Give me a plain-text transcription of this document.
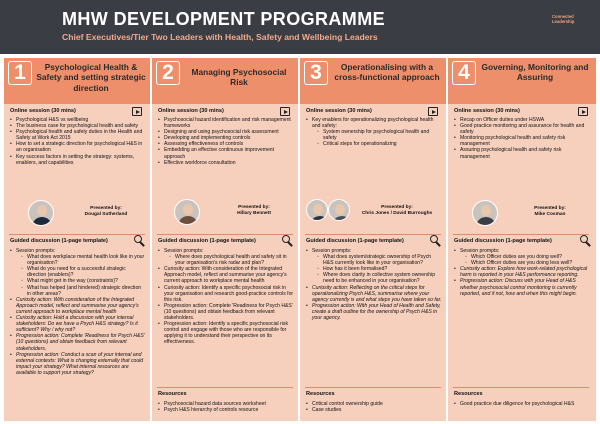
MHW DEVELOPMENT PROGRAMME
Chief Executives/Tier Two Leaders with Health, Safety and Wellbeing Leaders
Connected Leadership
1	Psychological Health & Safety and setting strategic direction
Online session (30 mins)
• Psychological H&S vs wellbeing
• The business case for psychological health and safety
• Psychological health and safety duties in the Health and Safety at Work Act 2015
• How to set a strategic direction for psychological H&S in an organisation
• Key success factors in setting the strategy: systems, enablers, and capabilities
Presented by:
Dougal Sutherland
Guided discussion (1-page template)
• Session prompts:
◦ What does workplace mental health look like in your organisation?
◦ What do you need for a successful strategic direction (enablers)?
◦ What might get in the way (constraints)?
◦ What has helped (and hindered) strategic direction in other areas?
• Curiosity action: With consideration of the Integrated Approach model, reflect and summarise your agency's current approach to workplace mental health
• Curiosity action: Hold a discussion with your internal stakeholders: Do we have a Psych H&S strategy? Is it sufficient? Why / why not?
• Progression action: Complete 'Readiness for Psych H&S' (10 questions) and obtain feedback from relevant stakeholders.
• Progression action: Conduct a scan of your internal and external contexts: What is changing externally that could impact your strategy? What internal resources are available to support your strategy?
2	Managing Psychosocial Risk
Online session (30 mins)
• Psychosocial hazard identification and risk management frameworks
• Designing and using psychosocial risk assessment
• Developing and implementing controls
• Assessing effectiveness of controls
• Embedding an effective continuous improvement approach
• Effective workforce consultation
Presented by:
Hillary Bennett
Guided discussion (1-page template)
• Session prompts:
◦ Where does psychological health and safety sit in your organisation's risk radar and plan?
• Curiosity action: With consideration of the Integrated Approach model, reflect and summarise your agency's current approach to workplace mental health
• Curiosity action: Identify a specific psychosocial risk in your organisation and research good-practice controls for this risk.
• Progression action: Complete 'Readiness for Psych H&S' (10 questions) and obtain feedback from relevant stakeholders.
• Progression action: Identify a specific psychosocial risk control and engage with those who are responsible for applying it to understand their perspective on its effectiveness.
Resources
• Psychosocial hazard data sources worksheet
• Psych H&S hierarchy of controls resource
3	Operationalising with a cross-functional approach
Online session (30 mins)
• Key enablers for operationalizing psychological health and safety:
◦ System ownership for psychological health and safety
◦ Critical steps for operationalizing
Presented by:
Chris Jones / David Burroughs
Guided discussion (1-page template)
• Session prompts:
◦ What does system/strategic ownership of Psych H&S currently look like in your organisation?
◦ How has it been formalised?
◦ Where does clarity in collective system ownership need to be enhanced in your organisation?
• Curiosity action: Reflecting on the critical steps for operationalizing Psych H&S, summarise where your agency currently is and what steps you have taken so far.
• Progression action: With your Head of Health and Safety, create a draft outline for the ownership of Psych H&S in your agency.
Resources
• Critical control ownership guide
• Case studies
4	Governing, Monitoring and Assuring
Online session (30 mins)
• Recap on Officer duties under HSWA
• Good practice monitoring and assurance for health and safety
• Monitoring psychological health and safety risk management
• Assuring psychological health and safety risk management
Presented by:
Mike Cosman
Guided discussion (1-page template)
• Session prompts:
◦ Which Officer duties are you doing well?
◦ Which Officer duties are you doing less well?
• Curiosity action: Explore how work-related psychological harm is reported in your H&S performance reporting.
• Progression action: Discuss with your Head of H&S whether psychosocial control monitoring is currently reported, and if not, how and when this might begin.
Resources
• Good practice due diligence for psychological H&S
